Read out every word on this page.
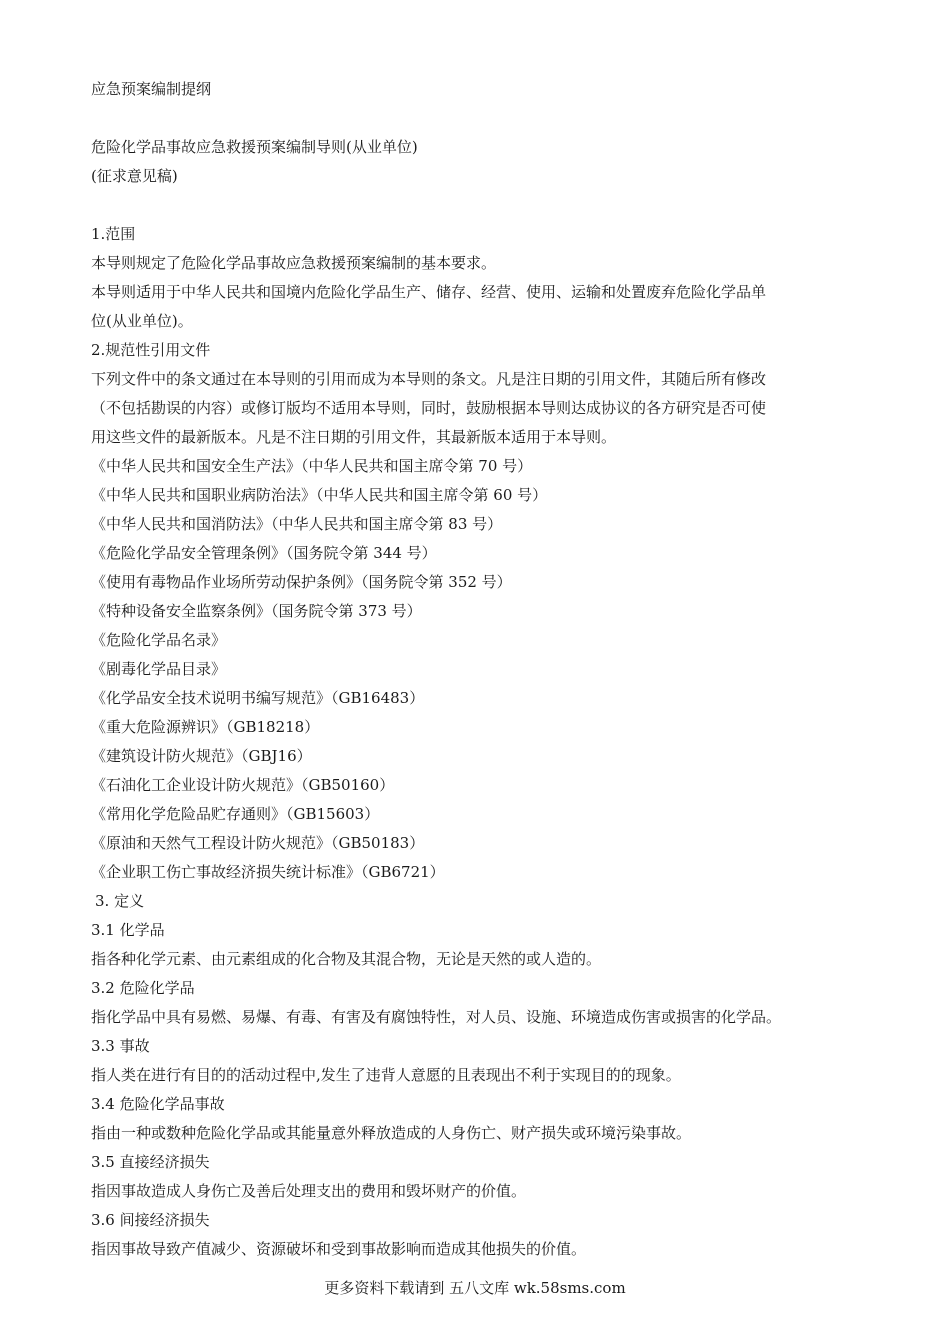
应急预案编制提纲
危险化学品事故应急救援预案编制导则(从业单位)
(征求意见稿)
1.范围
本导则规定了危险化学品事故应急救援预案编制的基本要求。
本导则适用于中华人民共和国境内危险化学品生产、储存、经营、使用、运输和处置废弃危险化学品单
位(从业单位)。
2.规范性引用文件
下列文件中的条文通过在本导则的引用而成为本导则的条文。凡是注日期的引用文件，其随后所有修改
（不包括勘误的内容）或修订版均不适用本导则，同时，鼓励根据本导则达成协议的各方研究是否可使
用这些文件的最新版本。凡是不注日期的引用文件，其最新版本适用于本导则。
《中华人民共和国安全生产法》（中华人民共和国主席令第 70 号）
《中华人民共和国职业病防治法》（中华人民共和国主席令第 60 号）
《中华人民共和国消防法》（中华人民共和国主席令第 83 号）
《危险化学品安全管理条例》（国务院令第 344 号）
《使用有毒物品作业场所劳动保护条例》（国务院令第 352 号）
《特种设备安全监察条例》（国务院令第 373 号）
《危险化学品名录》
《剧毒化学品目录》
《化学品安全技术说明书编写规范》（GB16483）
《重大危险源辨识》（GB18218）
《建筑设计防火规范》（GBJ16）
《石油化工企业设计防火规范》（GB50160）
《常用化学危险品贮存通则》（GB15603）
《原油和天然气工程设计防火规范》（GB50183）
《企业职工伤亡事故经济损失统计标准》（GB6721）
3. 定义
3.1 化学品
指各种化学元素、由元素组成的化合物及其混合物，无论是天然的或人造的。
3.2 危险化学品
指化学品中具有易燃、易爆、有毒、有害及有腐蚀特性，对人员、设施、环境造成伤害或损害的化学品。
3.3 事故
指人类在进行有目的的活动过程中,发生了违背人意愿的且表现出不利于实现目的的现象。
3.4 危险化学品事故
指由一种或数种危险化学品或其能量意外释放造成的人身伤亡、财产损失或环境污染事故。
3.5 直接经济损失
指因事故造成人身伤亡及善后处理支出的费用和毁坏财产的价值。
3.6 间接经济损失
指因事故导致产值减少、资源破坏和受到事故影响而造成其他损失的价值。
更多资料下载请到 五八文库 wk.58sms.com
